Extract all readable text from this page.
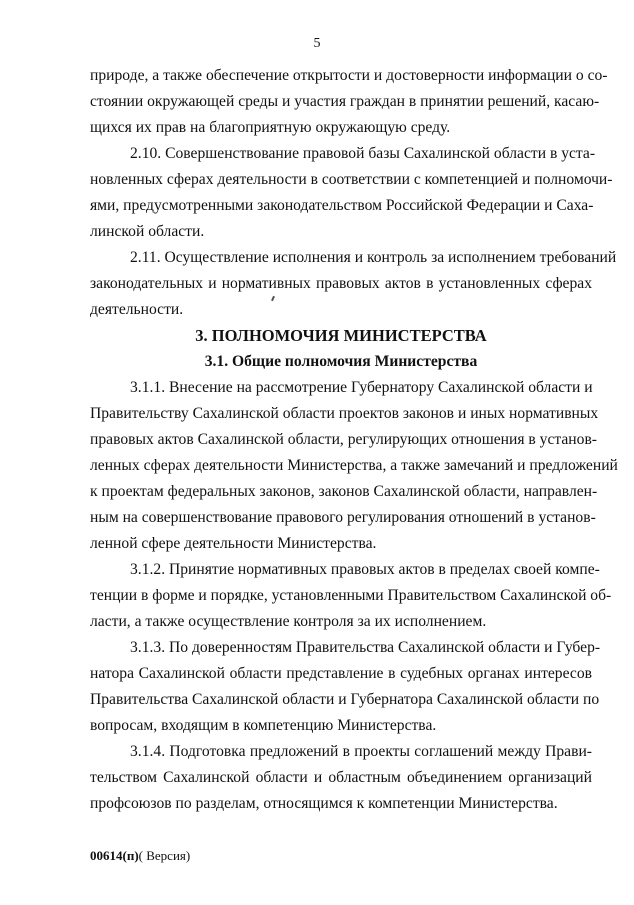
5
природе, а также обеспечение открытости и достоверности информации о со-
стоянии окружающей среды и участия граждан в принятии решений, касаю-
щихся их прав на благоприятную окружающую среду.
2.10. Совершенствование правовой базы Сахалинской области в уста-
новленных сферах деятельности в соответствии с компетенцией и полномочи-
ями, предусмотренными законодательством Российской Федерации и Саха-
линской области.
2.11. Осуществление исполнения и контроль за исполнением требований
законодательных и нормативных правовых актов в установленных сферах
деятельности.
3. ПОЛНОМОЧИЯ МИНИСТЕРСТВА
3.1. Общие полномочия Министерства
3.1.1. Внесение на рассмотрение Губернатору Сахалинской области и
Правительству Сахалинской области проектов законов и иных нормативных
правовых актов Сахалинской области, регулирующих отношения в установ-
ленных сферах деятельности Министерства, а также замечаний и предложений
к проектам федеральных законов, законов Сахалинской области, направлен-
ным на совершенствование правового регулирования отношений в установ-
ленной сфере деятельности Министерства.
3.1.2. Принятие нормативных правовых актов в пределах своей компе-
тенции в форме и порядке, установленными Правительством Сахалинской об-
ласти, а также осуществление контроля за их исполнением.
3.1.3. По доверенностям Правительства Сахалинской области и Губер-
натора Сахалинской области представление в судебных органах интересов
Правительства Сахалинской области и Губернатора Сахалинской области по
вопросам, входящим в компетенцию Министерства.
3.1.4. Подготовка предложений в проекты соглашений между Прави-
тельством Сахалинской области и областным объединением организаций
профсоюзов по разделам, относящимся к компетенции Министерства.
00614(п)( Версия)
